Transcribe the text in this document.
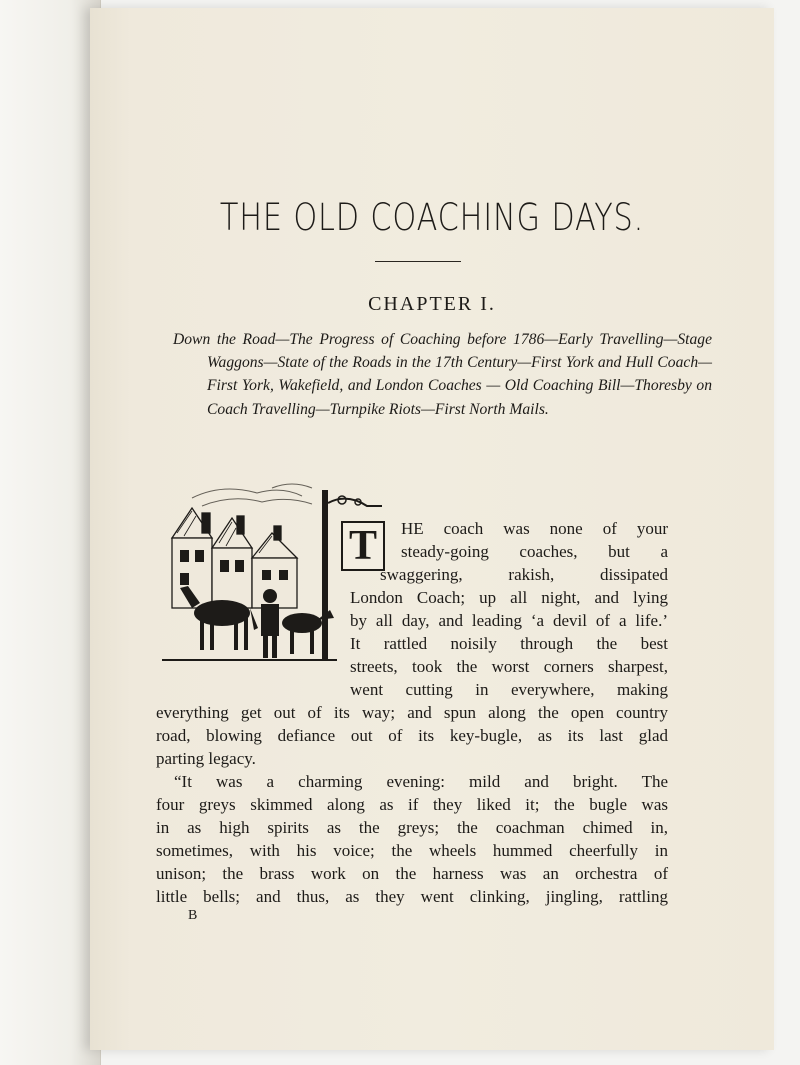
THE OLD COACHING DAYS.
CHAPTER I.
Down the Road—The Progress of Coaching before 1786—Early Travelling—Stage Waggons—State of the Roads in the 17th Century—First York and Hull Coach—First York, Wakefield, and London Coaches — Old Coaching Bill—Thoresby on Coach Travelling—Turnpike Riots—First North Mails.
T	HE coach was none of your
steady-going coaches, but a
swaggering, rakish, dissipated
London Coach; up all night, and lying
by all day, and leading ‘a devil of a life.’
It rattled noisily through the best
streets, took the worst corners sharpest,
went cutting in everywhere, making
everything get out of its way; and spun along the open country
road, blowing defiance out of its key-bugle, as its last glad
parting legacy.
“It was a charming evening: mild and bright. The
four greys skimmed along as if they liked it; the bugle was
in as high spirits as the greys; the coachman chimed in,
sometimes, with his voice; the wheels hummed cheerfully in
unison; the brass work on the harness was an orchestra of
little bells; and thus, as they went clinking, jingling, rattling
B
